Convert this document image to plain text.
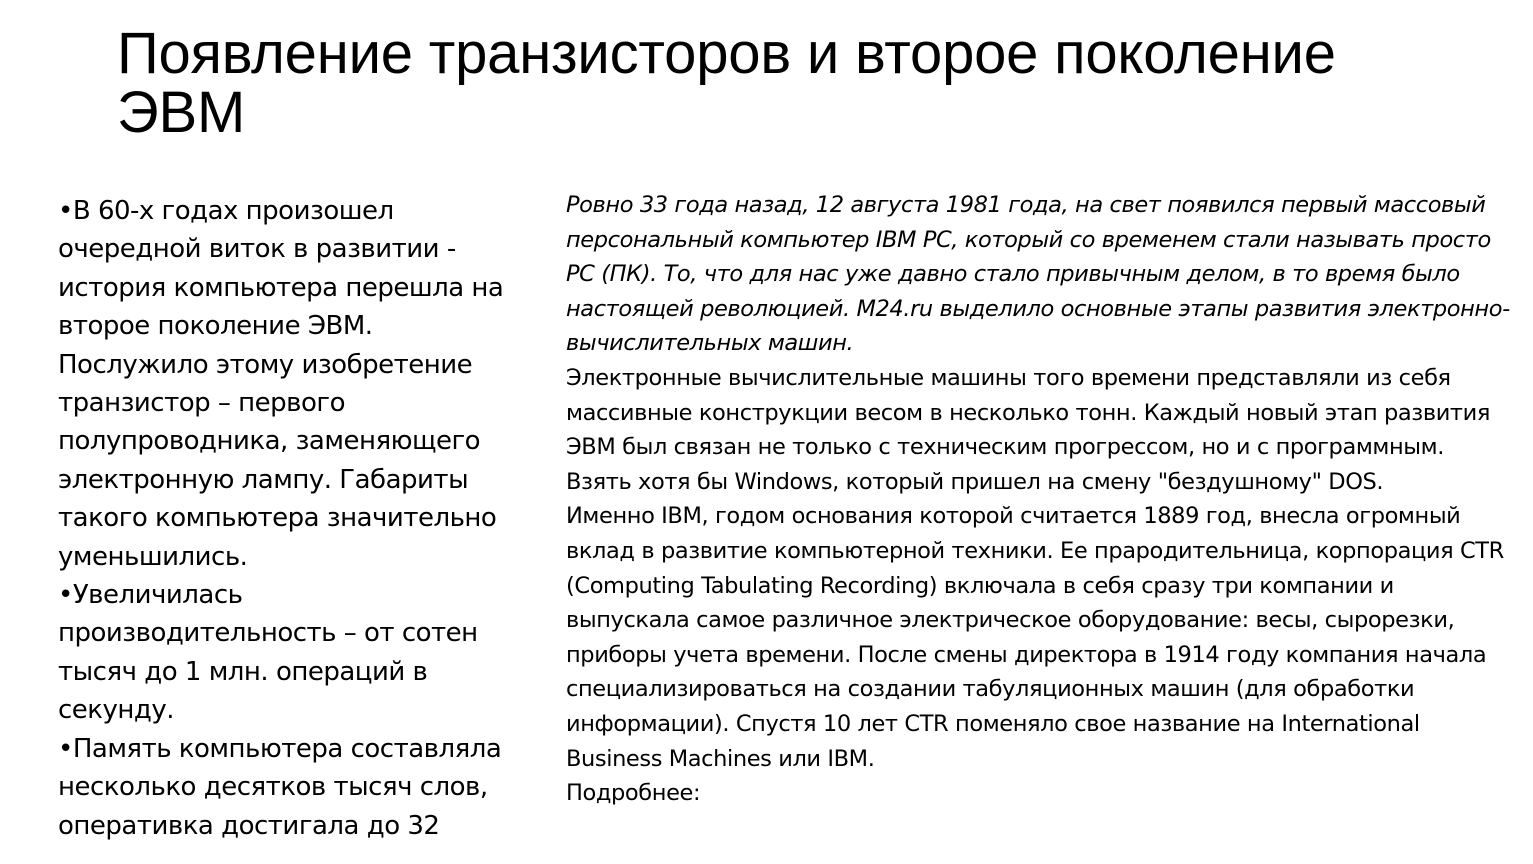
Появление транзисторов и второе поколение ЭВМ

•В 60-х годах произошел очередной виток в развитии - история компьютера перешла на второе поколение ЭВМ. Послужило этому изобретение транзистор – первого полупроводника, заменяющего электронную лампу. Габариты такого компьютера значительно уменьшились.

•Увеличилась производительность – от сотен тысяч до 1 млн. операций в секунду.

•Память компьютера составляла несколько десятков тысяч слов, оперативка достигала до 32

Ровно 33 года назад, 12 августа 1981 года, на свет появился первый массовый персональный компьютер IBM PC, который со временем стали называть просто PC (ПК). То, что для нас уже давно стало привычным делом, в то время было настоящей революцией. M24.ru выделило основные этапы развития электронно-вычислительных машин.

Электронные вычислительные машины того времени представляли из себя массивные конструкции весом в несколько тонн. Каждый новый этап развития ЭВМ был связан не только с техническим прогрессом, но и с программным. Взять хотя бы Windows, который пришел на смену "бездушному" DOS.

Именно IBM, годом основания которой считается 1889 год, внесла огромный вклад в развитие компьютерной техники. Ее прародительница, корпорация CTR (Computing Tabulating Recording) включала в себя сразу три компании и выпускала самое различное электрическое оборудование: весы, сырорезки, приборы учета времени. После смены директора в 1914 году компания начала специализироваться на создании табуляционных машин (для обработки информации). Спустя 10 лет CTR поменяло свое название на International Business Machines или IBM.

Подробнее:
